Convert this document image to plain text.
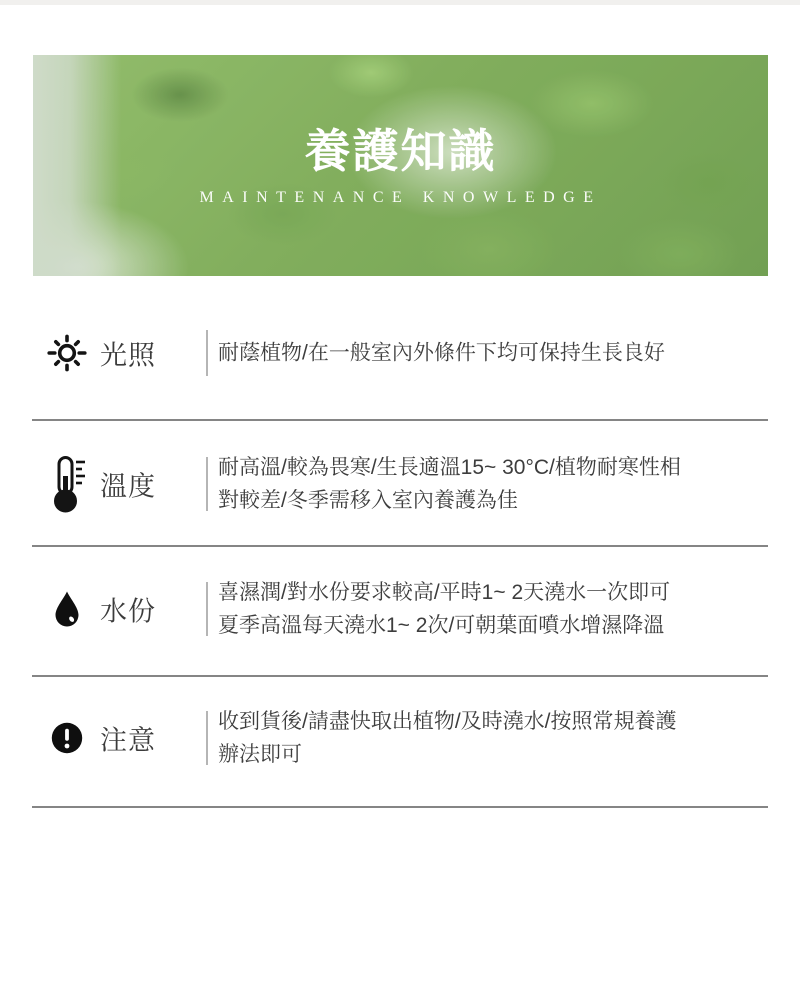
養護知識
MAINTENANCE KNOWLEDGE
光照	耐蔭植物/在一般室內外條件下均可保持生長良好
溫度
耐高溫/較為畏寒/生長適溫15~ 30°C/植物耐寒性相
對較差/冬季需移入室內養護為佳
水份
喜濕潤/對水份要求較高/平時1~ 2天澆水一次即可
夏季高溫每天澆水1~ 2次/可朝葉面噴水增濕降溫
注意
收到貨後/請盡快取出植物/及時澆水/按照常規養護
辦法即可
